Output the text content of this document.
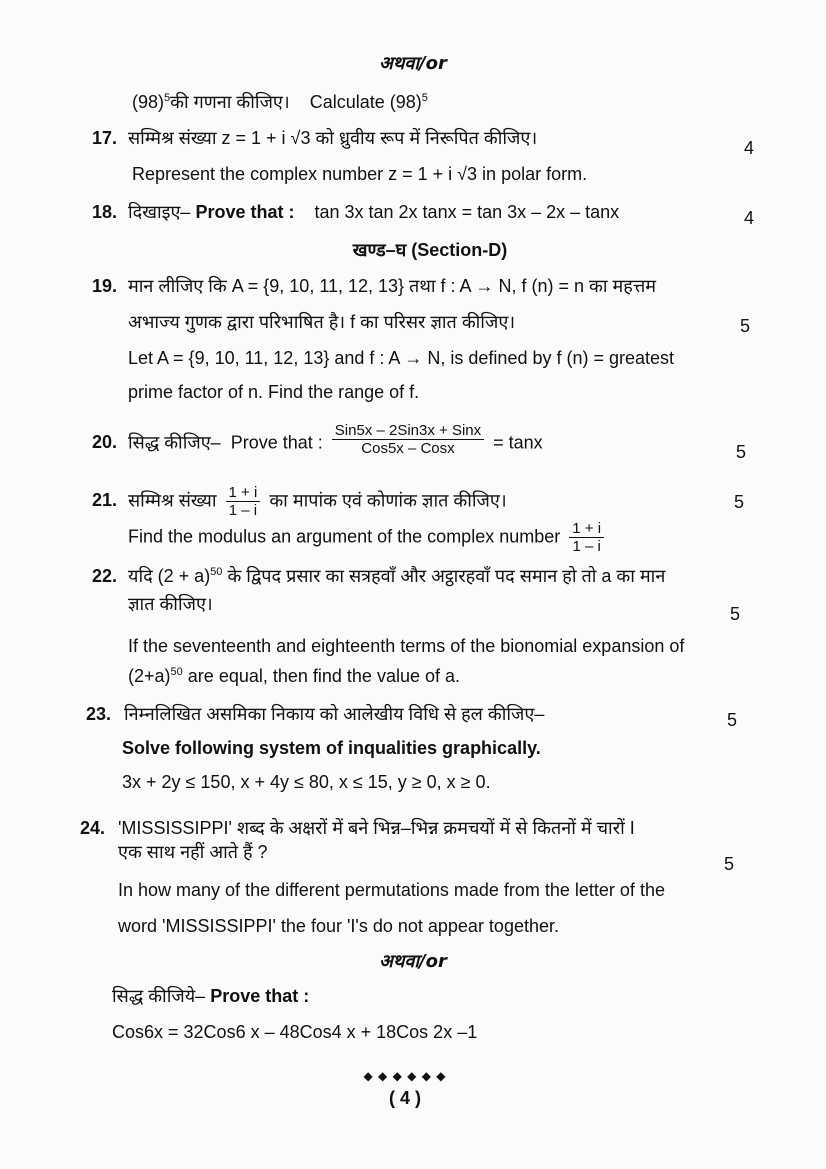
अथवा/or
$(98)^5की$ गणना कीजिए। Calculate $(98)^5$
17. सम्मिश्र संख्या z = 1 + i √3 को ध्रुवीय रूप में निरूपित कीजिए।	4
Represent the complex number z = 1 + i √3 in polar form.
18. दिखाइए– Prove that : tan 3x tan 2x tanx = tan 3x – 2x – tanx	4
खण्ड–घ (Section-D)
19. मान लीजिए कि A = {9, 10, 11, 12, 13} तथा f : A → N, f (n) = n का महत्तम
अभाज्य गुणक द्वारा परिभाषित है। f का परिसर ज्ञात कीजिए।	5
Let A = {9, 10, 11, 12, 13} and f : A → N, is defined by f (n) = greatest
prime factor of n. Find the range of f.
20. सिद्ध कीजिए– Prove that : $\frac{\text{Sin5x – 2Sin3x + Sinx}}{\text{Cos5x – Cosx}} = \tan x$	5
21. सम्मिश्र संख्या $\frac{1 + i}{1 - i}$ का मापांक एवं कोणांक ज्ञात कीजिए।	5
Find the modulus an argument of the complex number $\frac{1 + i}{1 - i}$
22. यदि $(2 + a)^{50}$ के द्विपद प्रसार का सत्रहवाँ और अट्ठारहवाँ पद समान हो तो a का मान
ज्ञात कीजिए।	5
If the seventeenth and eighteenth terms of the bionomial expansion of
$(2+a)^{50}$ are equal, then find the value of a.
23. निम्नलिखित असमिका निकाय को आलेखीय विधि से हल कीजिए–	5
Solve following system of inqualities graphically.
3x + 2y ≤ 150, x + 4y ≤ 80, x ≤ 15, y ≥ 0, x ≥ 0.
24. 'MISSISSIPPI' शब्द के अक्षरों में बने भिन्न–भिन्न क्रमचयों में से कितनों में चारों I
एक साथ नहीं आते हैं ?
5
In how many of the different permutations made from the letter of the
word 'MISSISSIPPI' the four 'I's do not appear together.
अथवा/or
सिद्ध कीजिये– Prove that :
Cos6x = 32Cos6 x – 48Cos4 x + 18Cos 2x –1
◆ ◆ ◆ ◆ ◆ ◆
( 4 )
